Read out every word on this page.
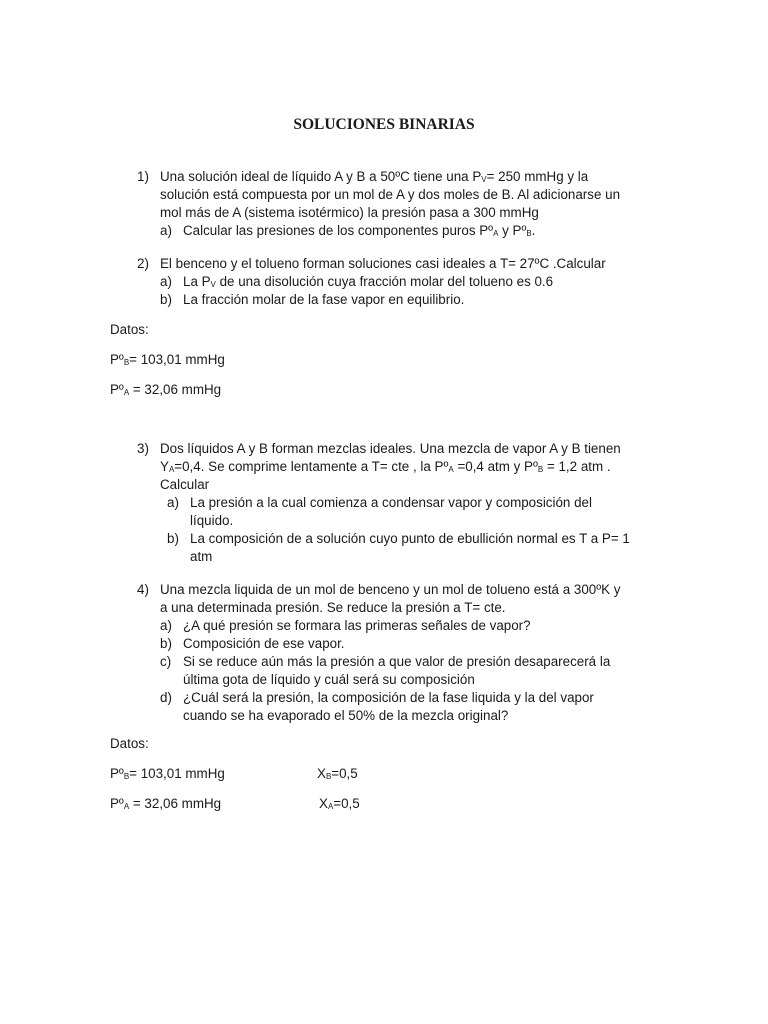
SOLUCIONES BINARIAS
1) Una solución ideal de líquido A y B a 50ºC tiene una $P_V= 250$ mmHg y la
solución está compuesta por un mol de A y dos moles de B. Al adicionarse un
mol más de A (sistema isotérmico) la presión pasa a 300 mmHg
a) Calcular las presiones de los componentes puros Pº$_A$ y Pº$_B$.
2) El benceno y el tolueno forman soluciones casi ideales a T= 27ºC .Calcular
a) La $P_V$ de una disolución cuya fracción molar del tolueno es 0.6
b) La fracción molar de la fase vapor en equilibrio.
Datos:
Pº$_B$= 103,01 mmHg
Pº$_A$ = 32,06 mmHg
3) Dos líquidos A y B forman mezclas ideales. Una mezcla de vapor A y B tienen
$Y_A=0,4$. Se comprime lentamente a T= cte , la Pº$_A$ =0,4 atm y Pº$_B$ = 1,2 atm .
Calcular
a) La presión a la cual comienza a condensar vapor y composición del
líquido.
b) La composición de a solución cuyo punto de ebullición normal es T a P= 1
atm
4) Una mezcla liquida de un mol de benceno y un mol de tolueno está a 300ºK y
a una determinada presión. Se reduce la presión a T= cte.
a) ¿A qué presión se formara las primeras señales de vapor?
b) Composición de ese vapor.
c) Si se reduce aún más la presión a que valor de presión desaparecerá la
última gota de líquido y cuál será su composición
d) ¿Cuál será la presión, la composición de la fase liquida y la del vapor
cuando se ha evaporado el 50% de la mezcla original?
Datos:
Pº$_B$= 103,01 mmHg	$X_B=0,5$
Pº$_A$ = 32,06 mmHg	$X_A=0,5$
